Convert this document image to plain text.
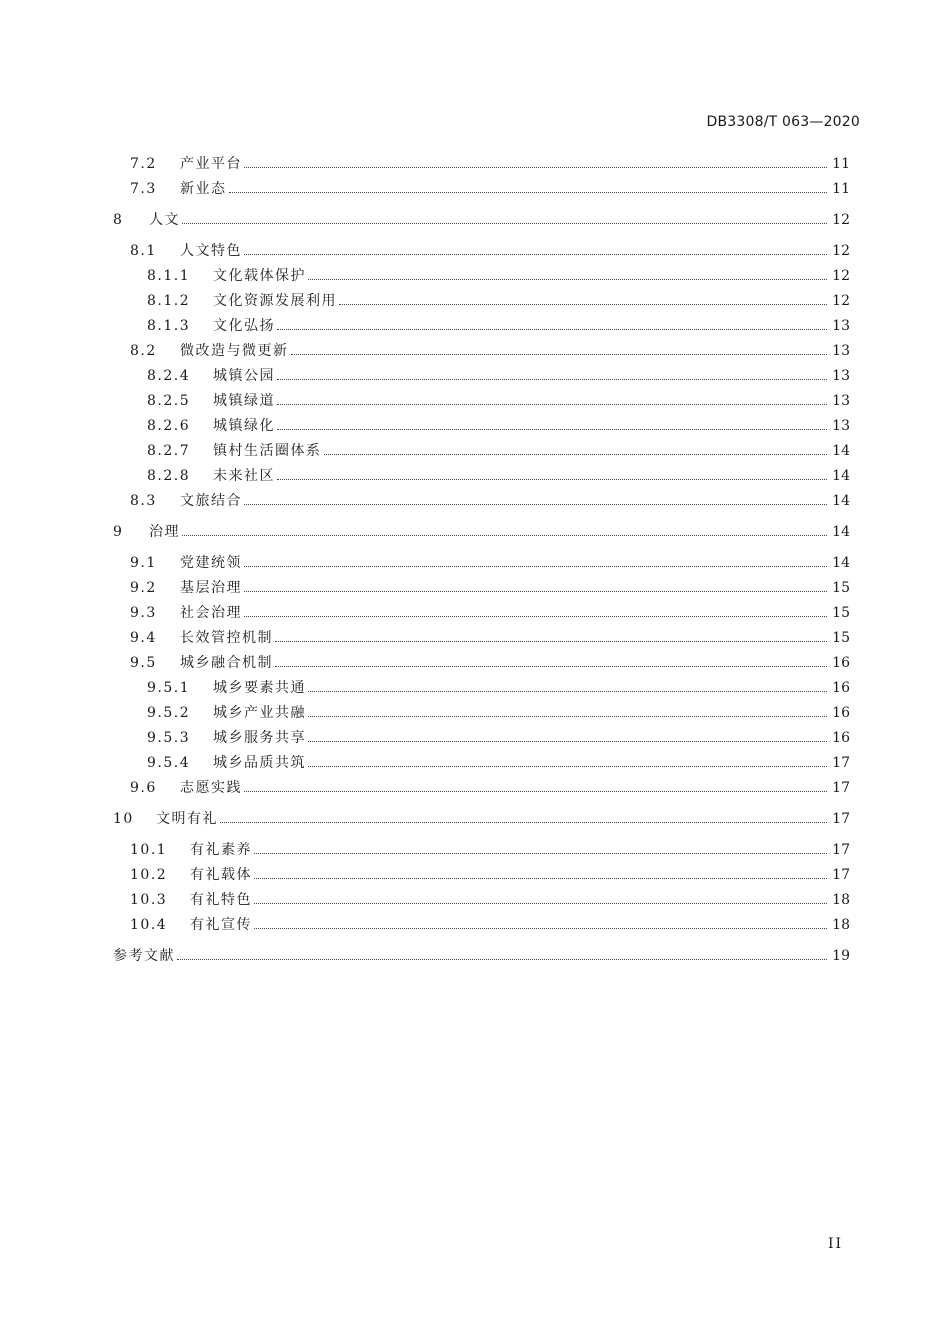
DB3308/T 063—2020
7.2	产业平台	11
7.3	新业态	11
8	人文	12
8.1	人文特色	12
8.1.1	文化载体保护	12
8.1.2	文化资源发展利用	12
8.1.3	文化弘扬	13
8.2	微改造与微更新	13
8.2.4	城镇公园	13
8.2.5	城镇绿道	13
8.2.6	城镇绿化	13
8.2.7	镇村生活圈体系	14
8.2.8	未来社区	14
8.3	文旅结合	14
9	治理	14
9.1	党建统领	14
9.2	基层治理	15
9.3	社会治理	15
9.4	长效管控机制	15
9.5	城乡融合机制	16
9.5.1	城乡要素共通	16
9.5.2	城乡产业共融	16
9.5.3	城乡服务共享	16
9.5.4	城乡品质共筑	17
9.6	志愿实践	17
10	文明有礼	17
10.1	有礼素养	17
10.2	有礼载体	17
10.3	有礼特色	18
10.4	有礼宣传	18
参考文献	19
II
